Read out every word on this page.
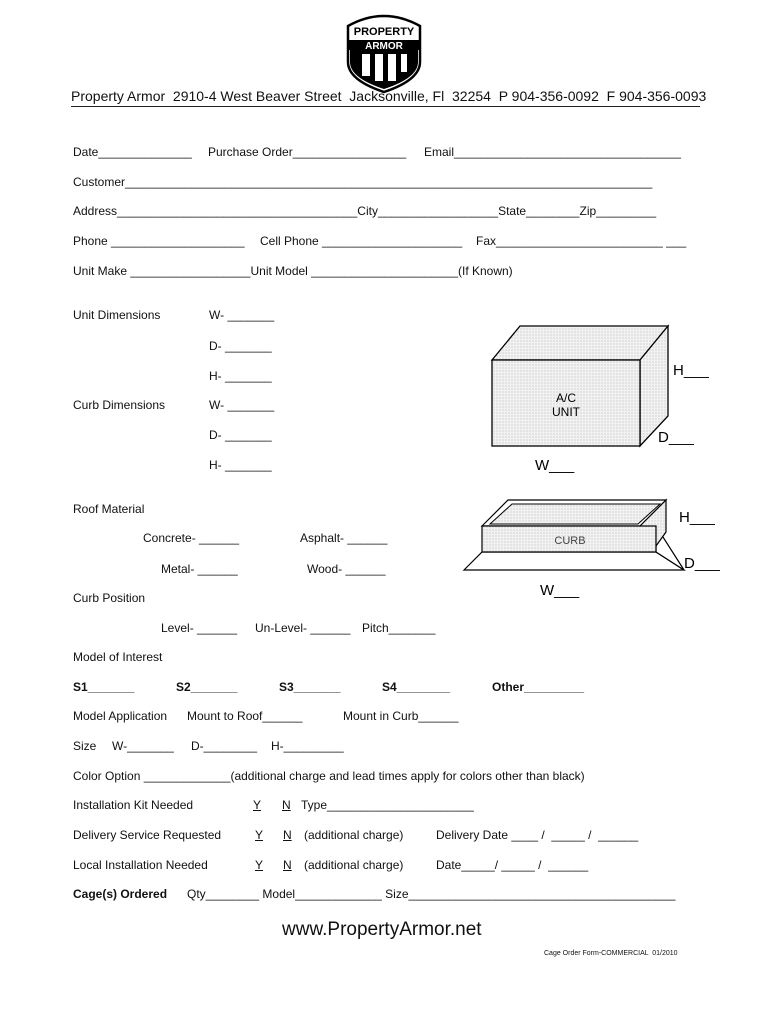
PROPERTY
ARMOR
Property Armor  2910-4 West Beaver Street  Jacksonville, Fl  32254  P 904-356-0092  F 904-356-0093
Date______________ Purchase Order_________________ Email__________________________________
Customer_______________________________________________________________________________
Address____________________________________City__________________State________Zip_________
Phone ____________________ Cell Phone _____________________ Fax_________________________ ___
Unit Make __________________Unit Model ______________________(If Known)
Unit Dimensions	W- _______
D- _______
H- _______
Curb Dimensions	W- _______
D- _______
H- _______
A/C
UNIT
H___
D___
W___
Roof Material
Concrete- ______	Asphalt- ______
Metal- ______	Wood- ______
CURB
H___
D___
W___
Curb Position
Level- ______ Un-Level- ______ Pitch_______
Model of Interest
S1_______	S2_______	S3_______	S4________	Other_________
Model Application Mount to Roof______	Mount in Curb______
Size W-_______ D-________ H-_________
Color Option _____________(additional charge and lead times apply for colors other than black)
Installation Kit Needed	Y N Type______________________
Delivery Service Requested	Y N (additional charge)	Delivery Date ____ /  _____ /  ______
Local Installation Needed	Y N (additional charge)	Date_____/ _____ /  ______
Cage(s) Ordered Qty________ Model_____________ Size________________________________________
www.PropertyArmor.net
Cage Order Form-COMMERCIAL  01/2010
